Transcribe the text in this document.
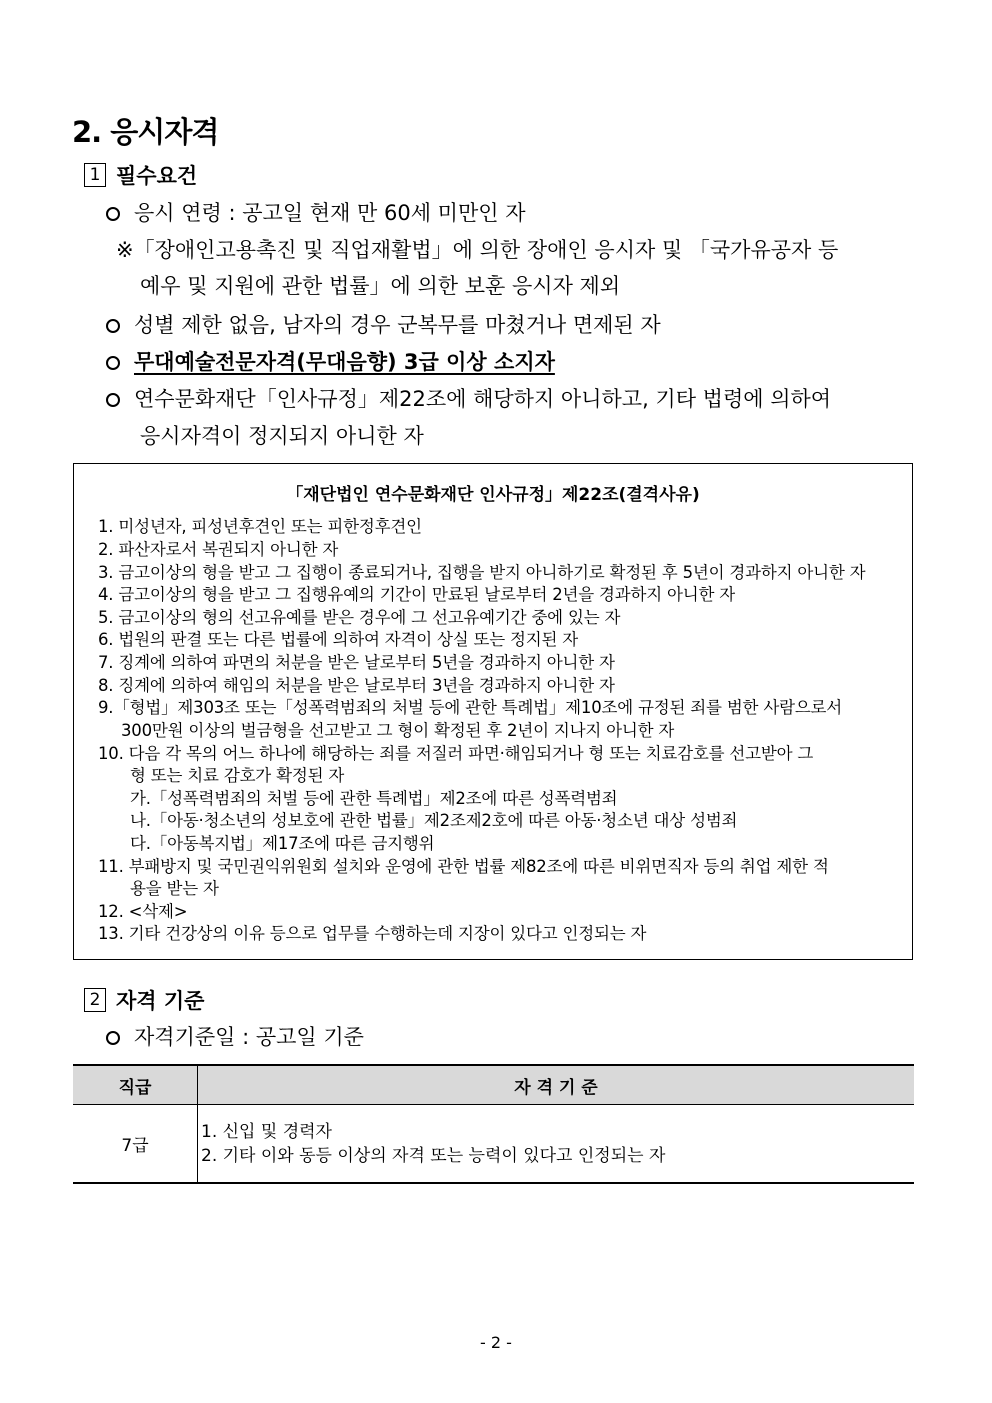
2. 응시자격
1 필수요건
응시 연령 : 공고일 현재 만 60세 미만인 자
※「장애인고용촉진 및 직업재활법」에 의한 장애인 응시자 및 「국가유공자 등
예우 및 지원에 관한 법률」에 의한 보훈 응시자 제외
성별 제한 없음, 남자의 경우 군복무를 마쳤거나 면제된 자
무대예술전문자격(무대음향) 3급 이상 소지자
연수문화재단「인사규정」제22조에 해당하지 아니하고, 기타 법령에 의하여
응시자격이 정지되지 아니한 자
「재단법인 연수문화재단 인사규정」제22조(결격사유)
1. 미성년자, 피성년후견인 또는 피한정후견인
2. 파산자로서 복권되지 아니한 자
3. 금고이상의 형을 받고 그 집행이 종료되거나, 집행을 받지 아니하기로 확정된 후 5년이 경과하지 아니한 자
4. 금고이상의 형을 받고 그 집행유예의 기간이 만료된 날로부터 2년을 경과하지 아니한 자
5. 금고이상의 형의 선고유예를 받은 경우에 그 선고유예기간 중에 있는 자
6. 법원의 판결 또는 다른 법률에 의하여 자격이 상실 또는 정지된 자
7. 징계에 의하여 파면의 처분을 받은 날로부터 5년을 경과하지 아니한 자
8. 징계에 의하여 해임의 처분을 받은 날로부터 3년을 경과하지 아니한 자
9.「형법」제303조 또는「성폭력범죄의 처벌 등에 관한 특례법」제10조에 규정된 죄를 범한 사람으로서
300만원 이상의 벌금형을 선고받고 그 형이 확정된 후 2년이 지나지 아니한 자
10. 다음 각 목의 어느 하나에 해당하는 죄를 저질러 파면·해임되거나 형 또는 치료감호를 선고받아 그
형 또는 치료 감호가 확정된 자
가.「성폭력범죄의 처벌 등에 관한 특례법」제2조에 따른 성폭력범죄
나.「아동·청소년의 성보호에 관한 법률」제2조제2호에 따른 아동·청소년 대상 성범죄
다.「아동복지법」제17조에 따른 금지행위
11. 부패방지 및 국민권익위원회 설치와 운영에 관한 법률 제82조에 따른 비위면직자 등의 취업 제한 적
용을 받는 자
12. <삭제>
13. 기타 건강상의 이유 등으로 업무를 수행하는데 지장이 있다고 인정되는 자
2 자격 기준
자격기준일 : 공고일 기준
직급	자 격 기 준
7급	1. 신입 및 경력자
2. 기타 이와 동등 이상의 자격 또는 능력이 있다고 인정되는 자
- 2 -
